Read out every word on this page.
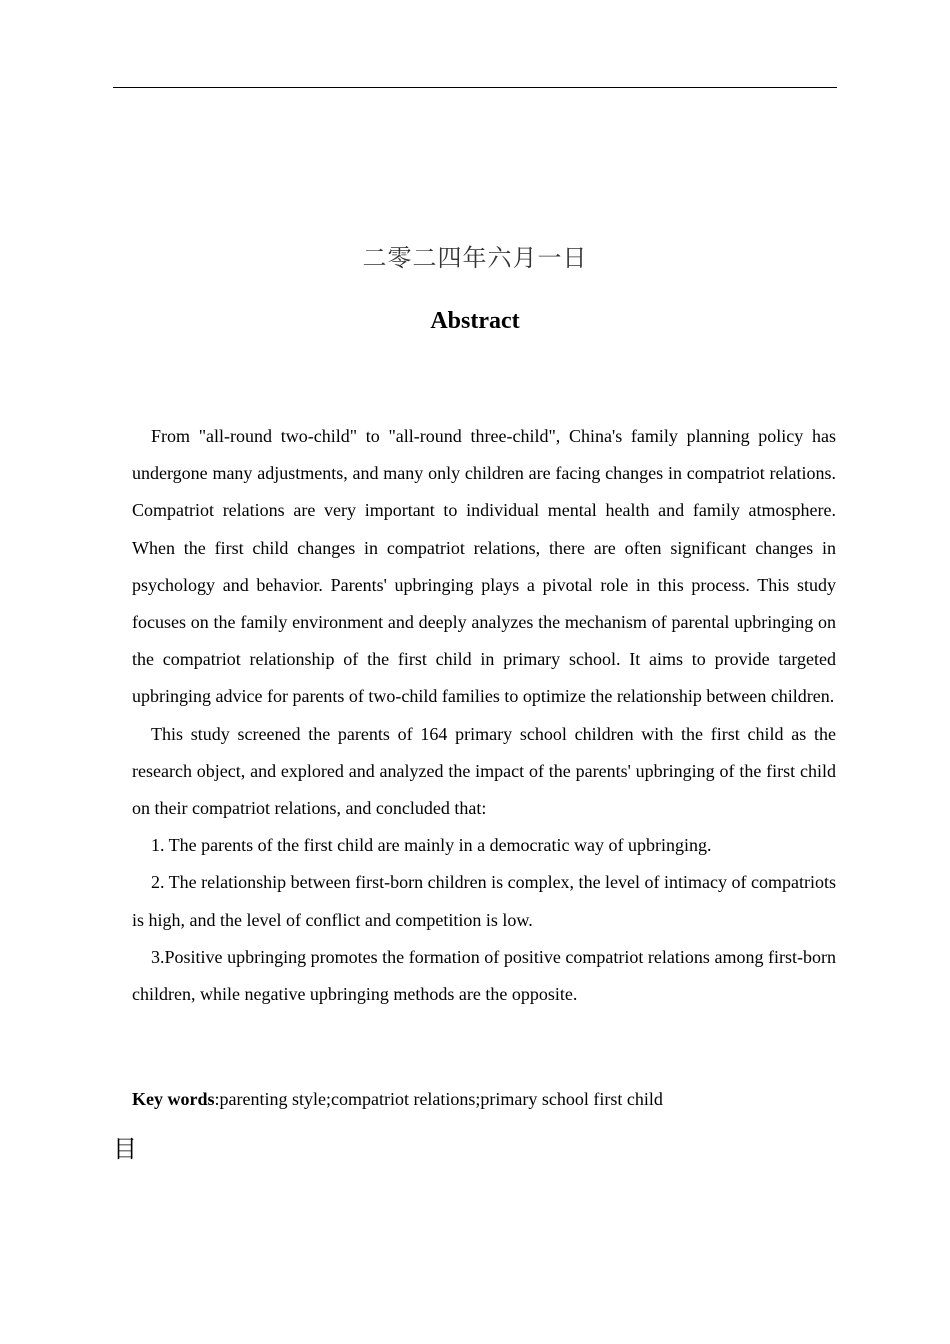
二零二四年六月一日
Abstract

From "all-round two-child" to "all-round three-child", China's family planning policy has undergone many adjustments, and many only children are facing changes in compatriot relations. Compatriot relations are very important to individual mental health and family atmosphere. When the first child changes in compatriot relations, there are often significant changes in psychology and behavior. Parents' upbringing plays a pivotal role in this process. This study focuses on the family environment and deeply analyzes the mechanism of parental upbringing on the compatriot relationship of the first child in primary school. It aims to provide targeted upbringing advice for parents of two-child families to optimize the relationship between children.

This study screened the parents of 164 primary school children with the first child as the research object, and explored and analyzed the impact of the parents' upbringing of the first child on their compatriot relations, and concluded that:

1. The parents of the first child are mainly in a democratic way of upbringing.

2. The relationship between first-born children is complex, the level of intimacy of compatriots is high, and the level of conflict and competition is low.

3.Positive upbringing promotes the formation of positive compatriot relations among first-born children, while negative upbringing methods are the opposite.

Key words:parenting style;compatriot relations;primary school first child
目
